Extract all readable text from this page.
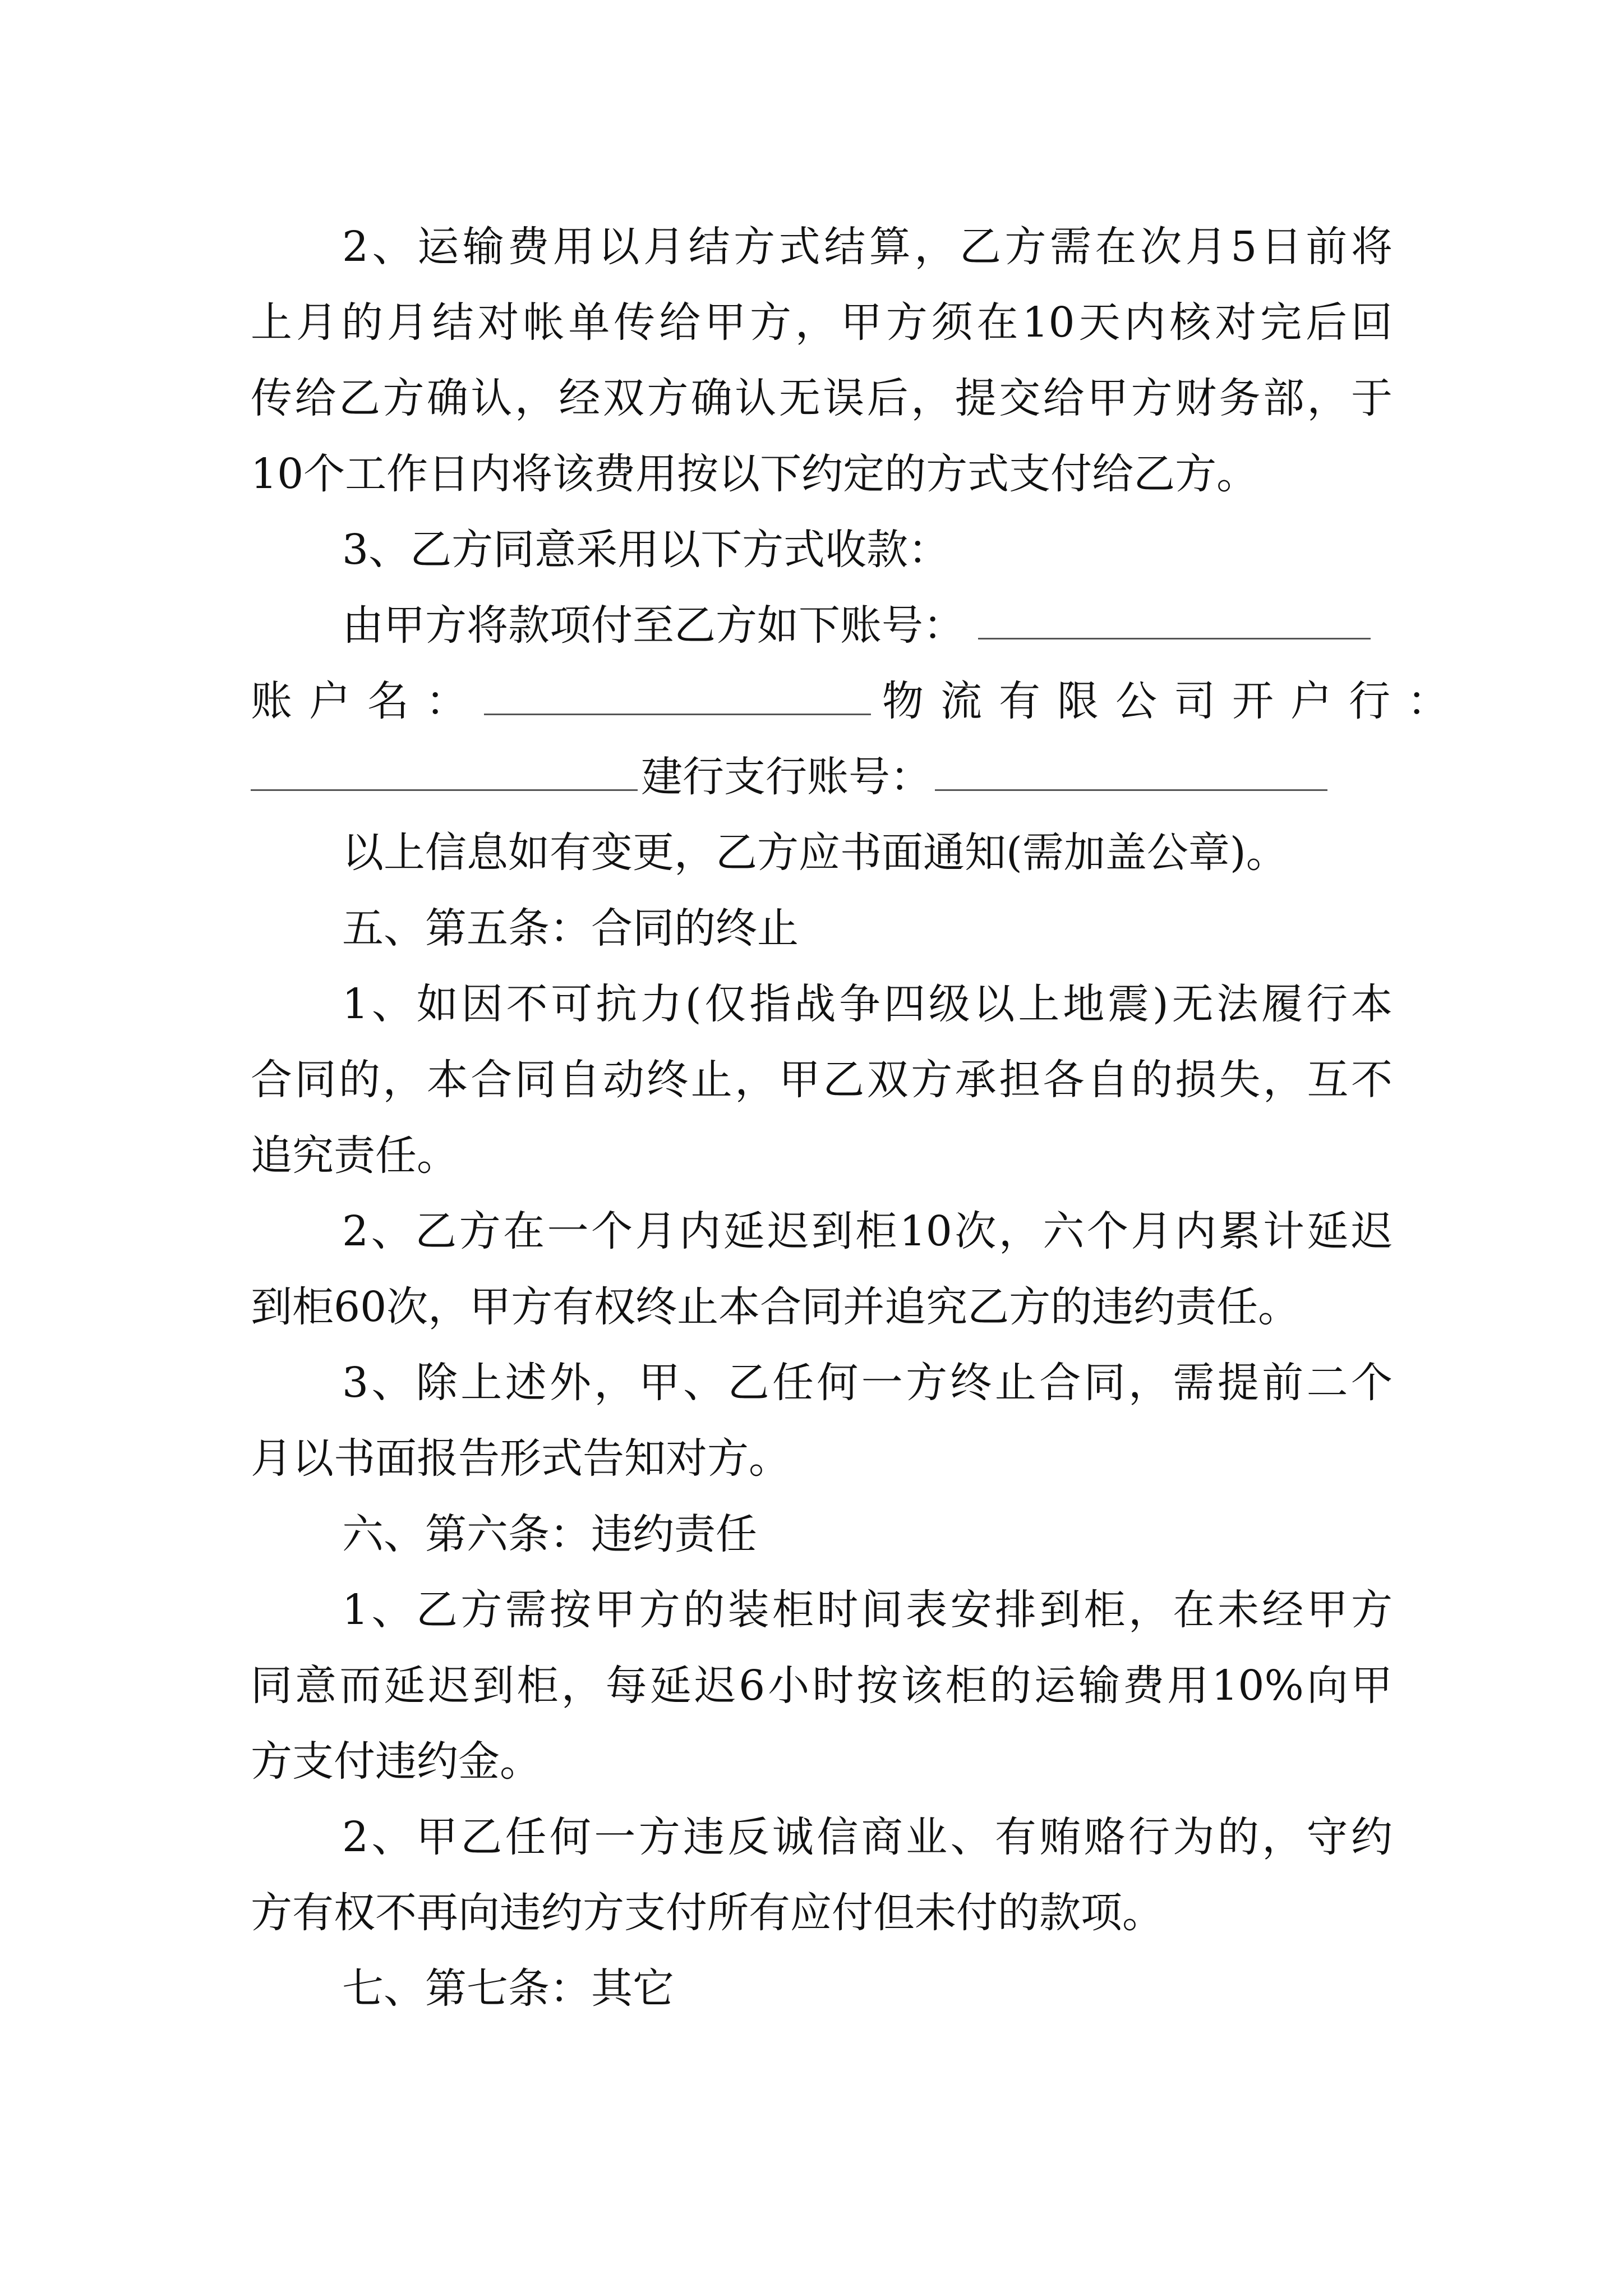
2、运输费用以月结方式结算，乙方需在次月5日前将
上月的月结对帐单传给甲方，甲方须在10天内核对完后回
传给乙方确认，经双方确认无误后，提交给甲方财务部，于
10个工作日内将该费用按以下约定的方式支付给乙方。
3、乙方同意采用以下方式收款：
由甲方将款项付至乙方如下账号：
账户名：	物流有限公司开户行：
建行支行账号：
以上信息如有变更，乙方应书面通知(需加盖公章)。
五、第五条：合同的终止
1、如因不可抗力(仅指战争四级以上地震)无法履行本
合同的，本合同自动终止，甲乙双方承担各自的损失，互不
追究责任。
2、乙方在一个月内延迟到柜10次，六个月内累计延迟
到柜60次，甲方有权终止本合同并追究乙方的违约责任。
3、除上述外，甲、乙任何一方终止合同，需提前二个
月以书面报告形式告知对方。
六、第六条：违约责任
1、乙方需按甲方的装柜时间表安排到柜，在未经甲方
同意而延迟到柜，每延迟6小时按该柜的运输费用10%向甲
方支付违约金。
2、甲乙任何一方违反诚信商业、有贿赂行为的，守约
方有权不再向违约方支付所有应付但未付的款项。
七、第七条：其它
